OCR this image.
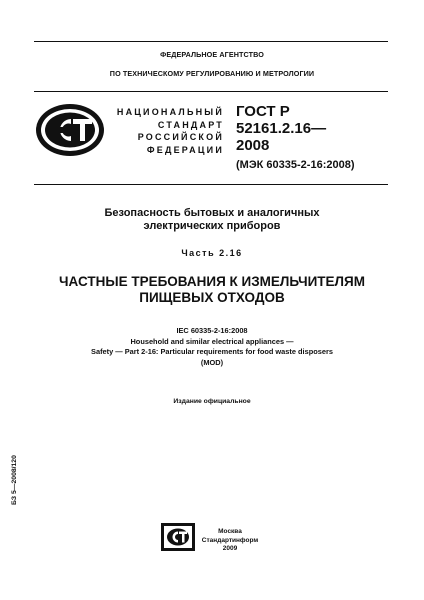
ФЕДЕРАЛЬНОЕ АГЕНТСТВО
ПО ТЕХНИЧЕСКОМУ РЕГУЛИРОВАНИЮ И МЕТРОЛОГИИ
НАЦИОНАЛЬНЫЙ
СТАНДАРТ
РОССИЙСКОЙ
ФЕДЕРАЦИИ
ГОСТ Р
52161.2.16—
2008
(МЭК 60335-2-16:2008)
Безопасность бытовых и аналогичных
электрических приборов
Часть 2.16
ЧАСТНЫЕ ТРЕБОВАНИЯ К ИЗМЕЛЬЧИТЕЛЯМ
ПИЩЕВЫХ ОТХОДОВ
IEC 60335-2-16:2008
Household and similar electrical appliances —
Safety — Part 2-16: Particular requirements for food waste disposers
(MOD)
Издание официальное
БЗ 5—2008/120
Москва
Стандартинформ
2009
